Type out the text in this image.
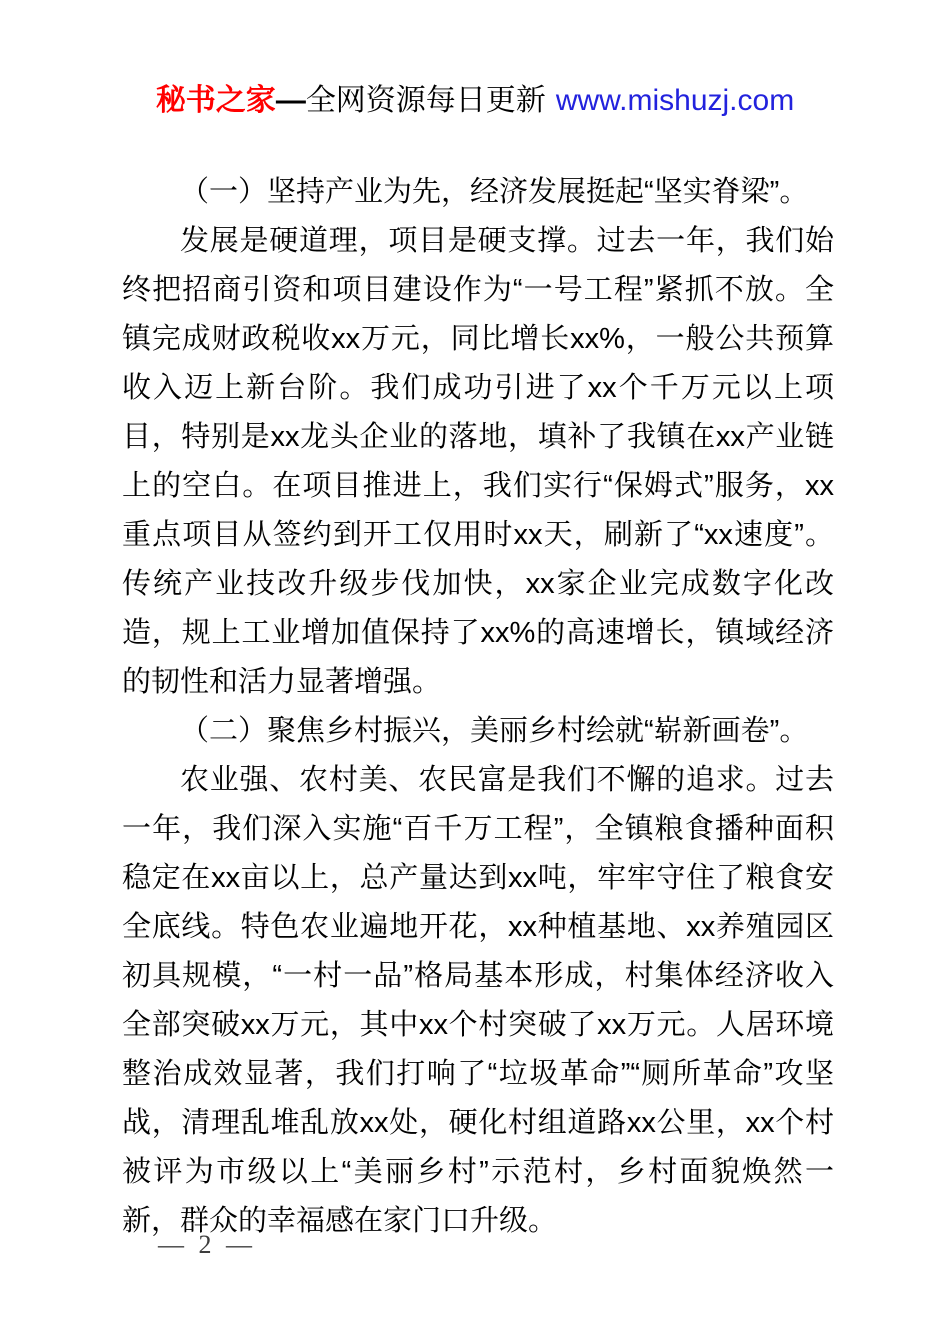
秘书之家—全网资源每日更新 www.mishuzj.com

（一）坚持产业为先，经济发展挺起“坚实脊梁”。

发展是硬道理，项目是硬支撑。过去一年，我们始终把招商引资和项目建设作为“一号工程”紧抓不放。全镇完成财政税收xx万元，同比增长xx%，一般公共预算收入迈上新台阶。我们成功引进了xx个千万元以上项目，特别是xx龙头企业的落地，填补了我镇在xx产业链上的空白。在项目推进上，我们实行“保姆式”服务，xx重点项目从签约到开工仅用时xx天，刷新了“xx速度”。传统产业技改升级步伐加快，xx家企业完成数字化改造，规上工业增加值保持了xx%的高速增长，镇域经济的韧性和活力显著增强。

（二）聚焦乡村振兴，美丽乡村绘就“崭新画卷”。

农业强、农村美、农民富是我们不懈的追求。过去一年，我们深入实施“百千万工程”，全镇粮食播种面积稳定在xx亩以上，总产量达到xx吨，牢牢守住了粮食安全底线。特色农业遍地开花，xx种植基地、xx养殖园区初具规模，“一村一品”格局基本形成，村集体经济收入全部突破xx万元，其中xx个村突破了xx万元。人居环境整治成效显著，我们打响了“垃圾革命”“厕所革命”攻坚战，清理乱堆乱放xx处，硬化村组道路xx公里，xx个村被评为市级以上“美丽乡村”示范村，乡村面貌焕然一新，群众的幸福感在家门口升级。

— 2 —
